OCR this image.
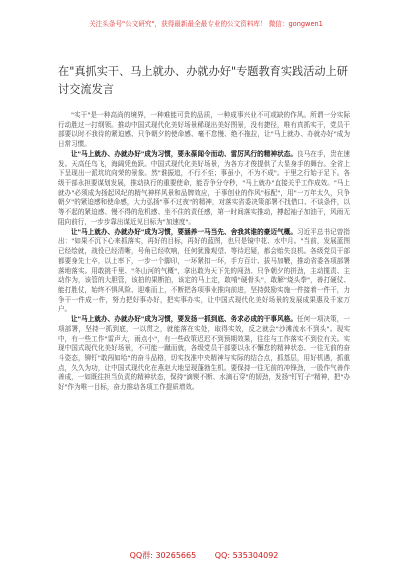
关注头条号"公文研究"，获得最新最全最专业的公文资料库！ 微信：gongwen1
在"真抓实干、马上就办、办就办好"专题教育实践活动上研讨交流发言

"实干"是一种高尚的境界，一种难能可贵的品质，一种成事兴业不可或缺的作风。所谓一分实际行动胜过一打纲领。推动中国式现代化美好场景稀现出美好图景，没有捷径，唯有真抓实干，党员干部要以时不我待的紧迫感、只争朝夕的使命感、毫不怠慢、绝不拖拉，让"马上就办、办就办好"成为日常习惯。

让"马上就办、办就办好"成为习惯，要永葆闻令而动、雷厉风行的精神状态。良马在手，贵在速发。天高任鸟飞，海阔凭鱼跃。中国式现代化美好场景，为各方才俊提供了大显身手的舞台。全省上下呈现出一派坑坑向荣的景象。然"谁振追，不行不至；事虽小，不为不成"。于里之行始于足下。各级干部永担要谋划发展，推动执行的重要使命，能否争分夺秒，"马上就办"直接关乎工作成效。"马上就办"必须成为扬起风纪的精气神样风景和品牌效应，于事创业的作风"标配"，用"一万年太久，只争朝夕"的紧迫感和使命感，大力弘扬"事不过夜"的精神，对落实省委决策部署不找借口、不谈条件，以等不起的紧迫感、慢不得的危机感、坐不住的责任感，第一时间落实推动，搏起袖子加油干，风雨无阻向前行，一步步靠出谋近见目标为"加速度"。

让"马上就办、办就办好"成为习惯，要涵养一马当先、舍我其谁的豪迈气概。习近平总书记曾指出："如果不沉下心来抓落实，再好的目标，再好的蓝图，也只是镜中花、水中月。"当前，发展蓝图已经绘就，战役已经清晰，号角已经吹响，任何犹豫观望、等待迟疑，都会贻失良机。各级党员干部都要身先士卒，以上率下，一步一个脚印，一环紧扣一环，手方百计、拔马加鞭，推动省委各项部署落地落实。用敢挑千里、"冬山河的气概"，拿出敢为天下先的闯劲、只争朝夕的拼劲，主动揽责、主动作为，该管的大胆管，该拍的果断拍，该定的马上定，敢啃"硬骨头"，敢解"烧头拳"，善打硬仗、能打胜仗，始终不惧风险、迎难而上，不断把各项事业推向前进，坚持鼓励实施一件接着一件干，力争干一件成一件，努力把好事办好，把实事办实，让中国式现代化美好场景的发展成果惠及千家万户。

让"马上就办、办就办好"成为习惯，要发扬一抓到底、务求必成的干事风格。任何一项决策，一项部署，坚持一抓到底，一以贯之，就能落在实处，取得实效，反之就会"沙滩流水不到头"。现实中，有一些工作"雷声大，雨点小"，有一些政策迟迟不到预期效果，往往与工作落实不到位有关。实现中国式现代化美好场景，不可能一蹴而就，各级党员干部要以永不懈怠的精神状态、一往无前的奋斗姿态，铆钉"敢闯如哈"的奋斗品格，切实找准中央精神与实际的结合点，抓基层，用好机遇，抓重点，久久为功，让中国式现代化在燕赵大地呈现蓬勃生机。要保持一往无前的冲锋劲，一股作气善作善成，一如既往担当负责的精神状态，保持"滴锲不断、水滴石穿"的韧劲，发扬"钉钉子"精神，把"办好"作为唯一目标，奋力推动各项工作提质增效。

QQ群: 30265665 QQ: 535304092
